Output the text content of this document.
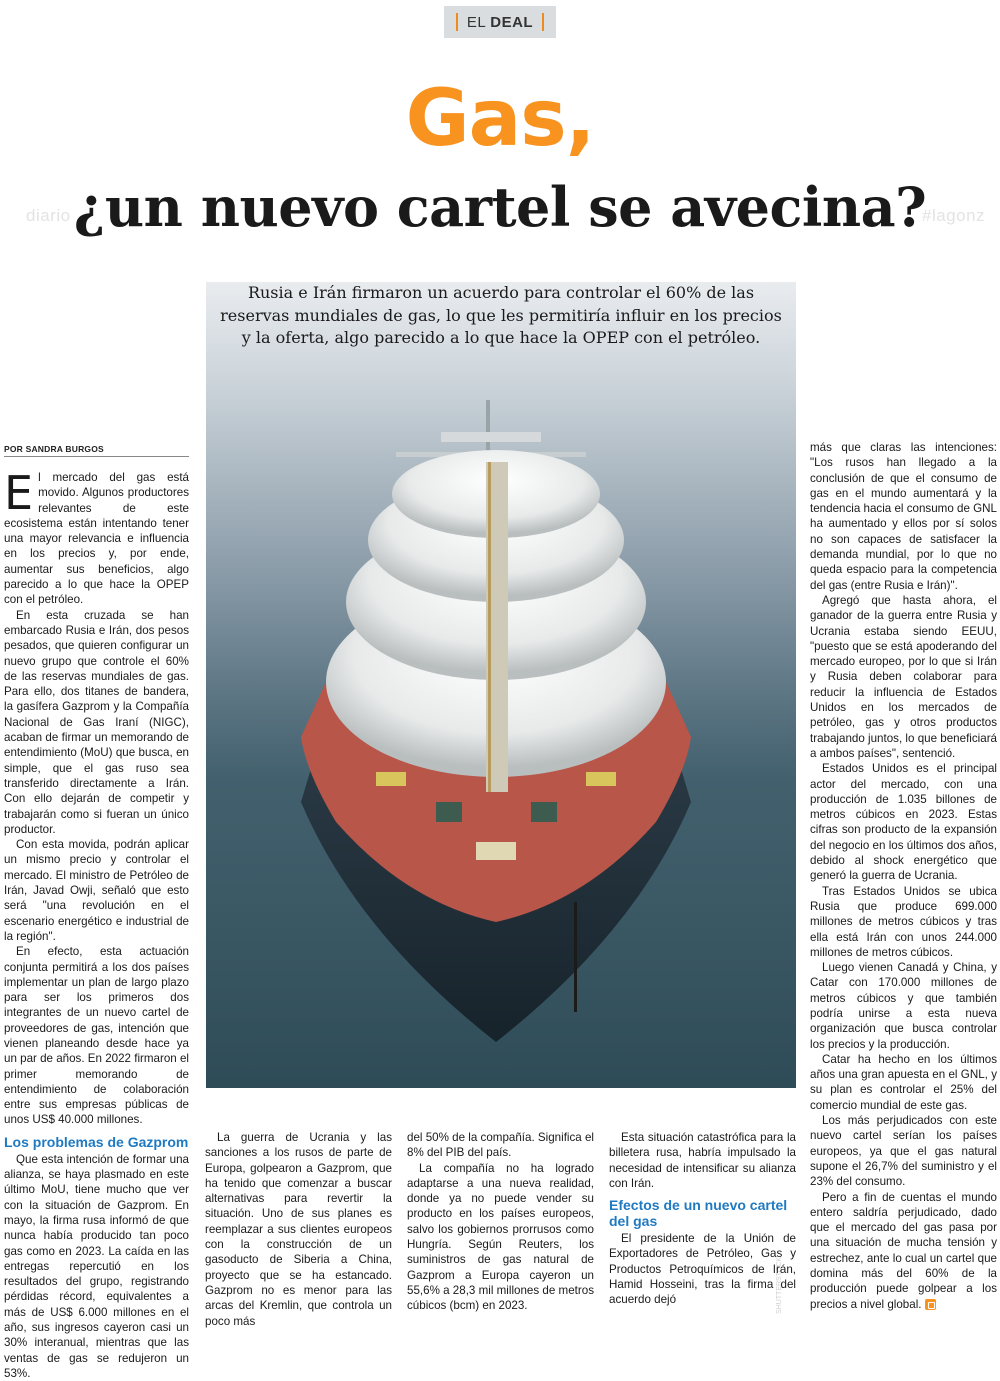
EL DEAL
diario	#lagonz
Gas,
¿un nuevo cartel se avecina?

Rusia e Irán firmaron un acuerdo para controlar el 60% de las reservas mundiales de gas, lo que les permitiría influir en los precios y la oferta, algo parecido a lo que hace la OPEP con el petróleo.

SHUTTERSTOCK
POR SANDRA BURGOS

El mercado del gas está movido. Algunos productores relevantes de este ecosistema están intentando tener una mayor relevancia e influencia en los precios y, por ende, aumentar sus beneficios, algo parecido a lo que hace la OPEP con el petróleo.

En esta cruzada se han embarcado Rusia e Irán, dos pesos pesados, que quieren configurar un nuevo grupo que controle el 60% de las reservas mundiales de gas. Para ello, dos titanes de bandera, la gasífera Gazprom y la Compañía Nacional de Gas Iraní (NIGC), acaban de firmar un memorando de entendimiento (MoU) que busca, en simple, que el gas ruso sea transferido directamente a Irán. Con ello dejarán de competir y trabajarán como si fueran un único productor.

Con esta movida, podrán aplicar un mismo precio y controlar el mercado. El ministro de Petróleo de Irán, Javad Owji, señaló que esto será "una revolución en el escenario energético e industrial de la región".

En efecto, esta actuación conjunta permitirá a los dos países implementar un plan de largo plazo para ser los primeros dos integrantes de un nuevo cartel de proveedores de gas, intención que vienen planeando desde hace ya un par de años. En 2022 firmaron el primer memorando de entendimiento de colaboración entre sus empresas públicas de unos US$ 40.000 millones.

Los problemas de Gazprom

Que esta intención de formar una alianza, se haya plasmado en este último MoU, tiene mucho que ver con la situación de Gazprom. En mayo, la firma rusa informó de que nunca había producido tan poco gas como en 2023. La caída en las entregas repercutió en los resultados del grupo, registrando pérdidas récord, equivalentes a más de US$ 6.000 millones en el año, sus ingresos cayeron casi un 30% interanual, mientras que las ventas de gas se redujeron un 53%.

La guerra de Ucrania y las sanciones a los rusos de parte de Europa, golpearon a Gazprom, que ha tenido que comenzar a buscar alternativas para revertir la situación. Uno de sus planes es reemplazar a sus clientes europeos con la construcción de un gasoducto de Siberia a China, proyecto que se ha estancado. Gazprom no es menor para las arcas del Kremlin, que controla un poco más

del 50% de la compañía. Significa el 8% del PIB del país.

La compañía no ha logrado adaptarse a una nueva realidad, donde ya no puede vender su producto en los países europeos, salvo los gobiernos prorrusos como Hungría. Según Reuters, los suministros de gas natural de Gazprom a Europa cayeron un 55,6% a 28,3 mil millones de metros cúbicos (bcm) en 2023.

Esta situación catastrófica para la billetera rusa, habría impulsado la necesidad de intensificar su alianza con Irán.

Efectos de un nuevo cartel del gas

El presidente de la Unión de Exportadores de Petróleo, Gas y Productos Petroquímicos de Irán, Hamid Hosseini, tras la firma del acuerdo dejó

más que claras las intenciones: "Los rusos han llegado a la conclusión de que el consumo de gas en el mundo aumentará y la tendencia hacia el consumo de GNL ha aumentado y ellos por sí solos no son capaces de satisfacer la demanda mundial, por lo que no queda espacio para la competencia del gas (entre Rusia e Irán)".

Agregó que hasta ahora, el ganador de la guerra entre Rusia y Ucrania estaba siendo EEUU, "puesto que se está apoderando del mercado europeo, por lo que si Irán y Rusia deben colaborar para reducir la influencia de Estados Unidos en los mercados de petróleo, gas y otros productos trabajando juntos, lo que beneficiará a ambos países", sentenció.

Estados Unidos es el principal actor del mercado, con una producción de 1.035 billones de metros cúbicos en 2023. Estas cifras son producto de la expansión del negocio en los últimos dos años, debido al shock energético que generó la guerra de Ucrania.

Tras Estados Unidos se ubica Rusia que produce 699.000 millones de metros cúbicos y tras ella está Irán con unos 244.000 millones de metros cúbicos.

Luego vienen Canadá y China, y Catar con 170.000 millones de metros cúbicos y que también podría unirse a esta nueva organización que busca controlar los precios y la producción.

Catar ha hecho en los últimos años una gran apuesta en el GNL, y su plan es controlar el 25% del comercio mundial de este gas.

Los más perjudicados con este nuevo cartel serían los países europeos, ya que el gas natural supone el 26,7% del suministro y el 23% del consumo.

Pero a fin de cuentas el mundo entero saldría perjudicado, dado que el mercado del gas pasa por una situación de mucha tensión y estrechez, ante lo cual un cartel que domina más del 60% de la producción puede golpear a los precios a nivel global.
